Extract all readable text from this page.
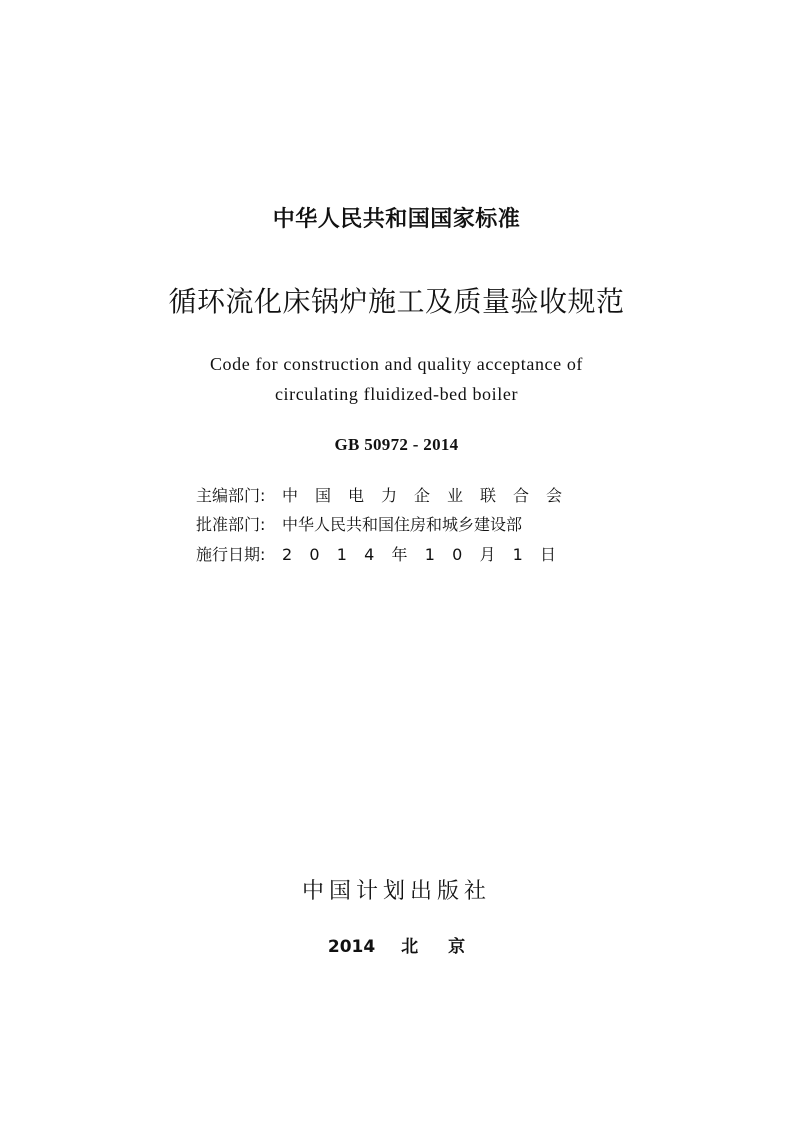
中华人民共和国国家标准
循环流化床锅炉施工及质量验收规范
Code for construction and quality acceptance of
circulating fluidized-bed boiler
GB 50972 - 2014
主编部门: 中国电力企业联合会
批准部门: 中华人民共和国住房和城乡建设部
施行日期: 2014年10月1日
中国计划出版社
2014 北京
